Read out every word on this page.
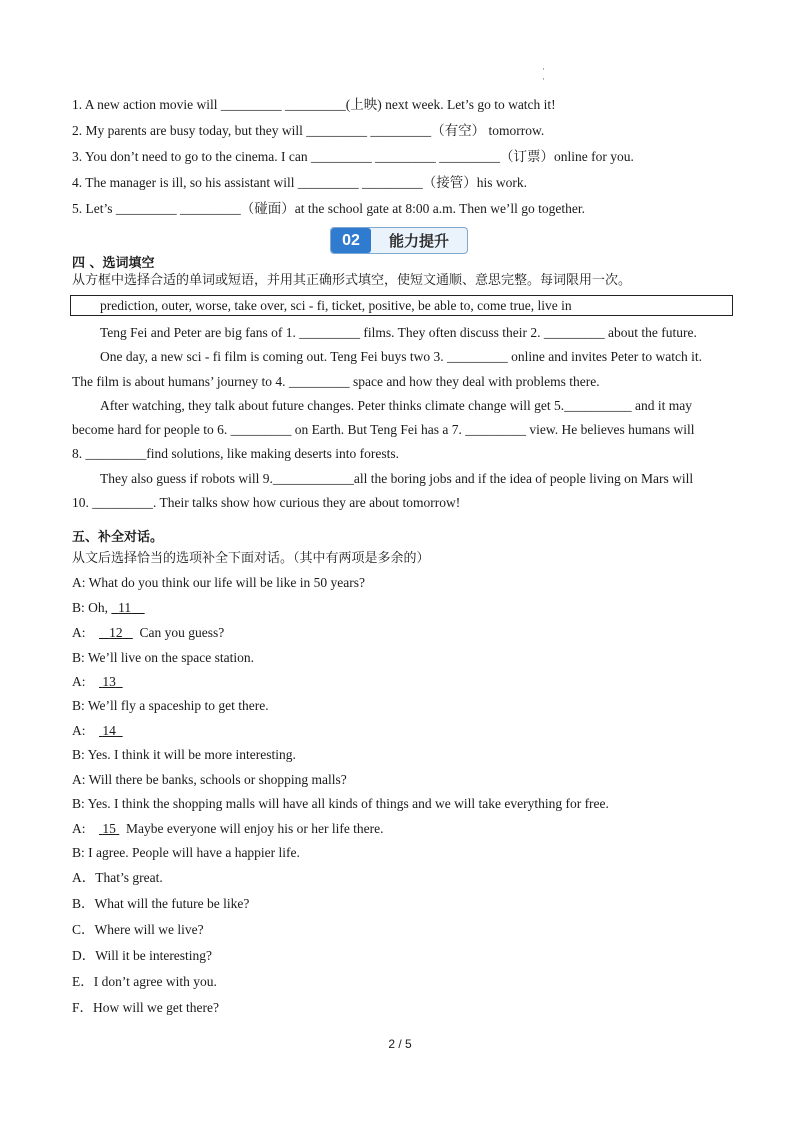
·
·
1. A new action movie will _________ _________(上映) next week. Let’s go to watch it!
2. My parents are busy today, but they will _________ _________（有空） tomorrow.
3. You don’t need to go to the cinema. I can _________ _________ _________（订票）online for you.
4. The manager is ill, so his assistant will _________ _________（接管）his work.
5. Let’s _________ _________（碰面）at the school gate at 8:00 a.m. Then we’ll go together.
02	能力提升
四 、选词填空
从方框中选择合适的单词或短语，并用其正确形式填空，使短文通顺、意思完整。每词限用一次。
prediction, outer, worse, take over, sci - fi, ticket, positive, be able to, come true, live in
Teng Fei and Peter are big fans of 1. _________ films. They often discuss their 2. _________ about the future.
One day, a new sci - fi film is coming out. Teng Fei buys two 3. _________ online and invites Peter to watch it.
The film is about humans’ journey to 4. _________ space and how they deal with problems there.
After watching, they talk about future changes. Peter thinks climate change will get 5.__________ and it may
become hard for people to 6. _________ on Earth. But Teng Fei has a 7. _________ view. He believes humans will
8. _________find solutions, like making deserts into forests.
They also guess if robots will 9.____________all the boring jobs and if the idea of people living on Mars will
10. _________. Their talks show how curious they are about tomorrow!
五、补全对话。
从文后选择恰当的选项补全下面对话。（其中有两项是多余的）
A: What do you think our life will be like in 50 years?
B: Oh,   11
A:       12     Can you guess?
B: We’ll live on the space station.
A:     13
B: We’ll fly a spaceship to get there.
A:     14
B: Yes. I think it will be more interesting.
A: Will there be banks, schools or shopping malls?
B: Yes. I think the shopping malls will have all kinds of things and we will take everything for free.
A:     15   Maybe everyone will enjoy his or her life there.
B: I agree. People will have a happier life.
A．That’s great.
B．What will the future be like?
C．Where will we live?
D．Will it be interesting?
E．I don’t agree with you.
F．How will we get there?
2 / 5
